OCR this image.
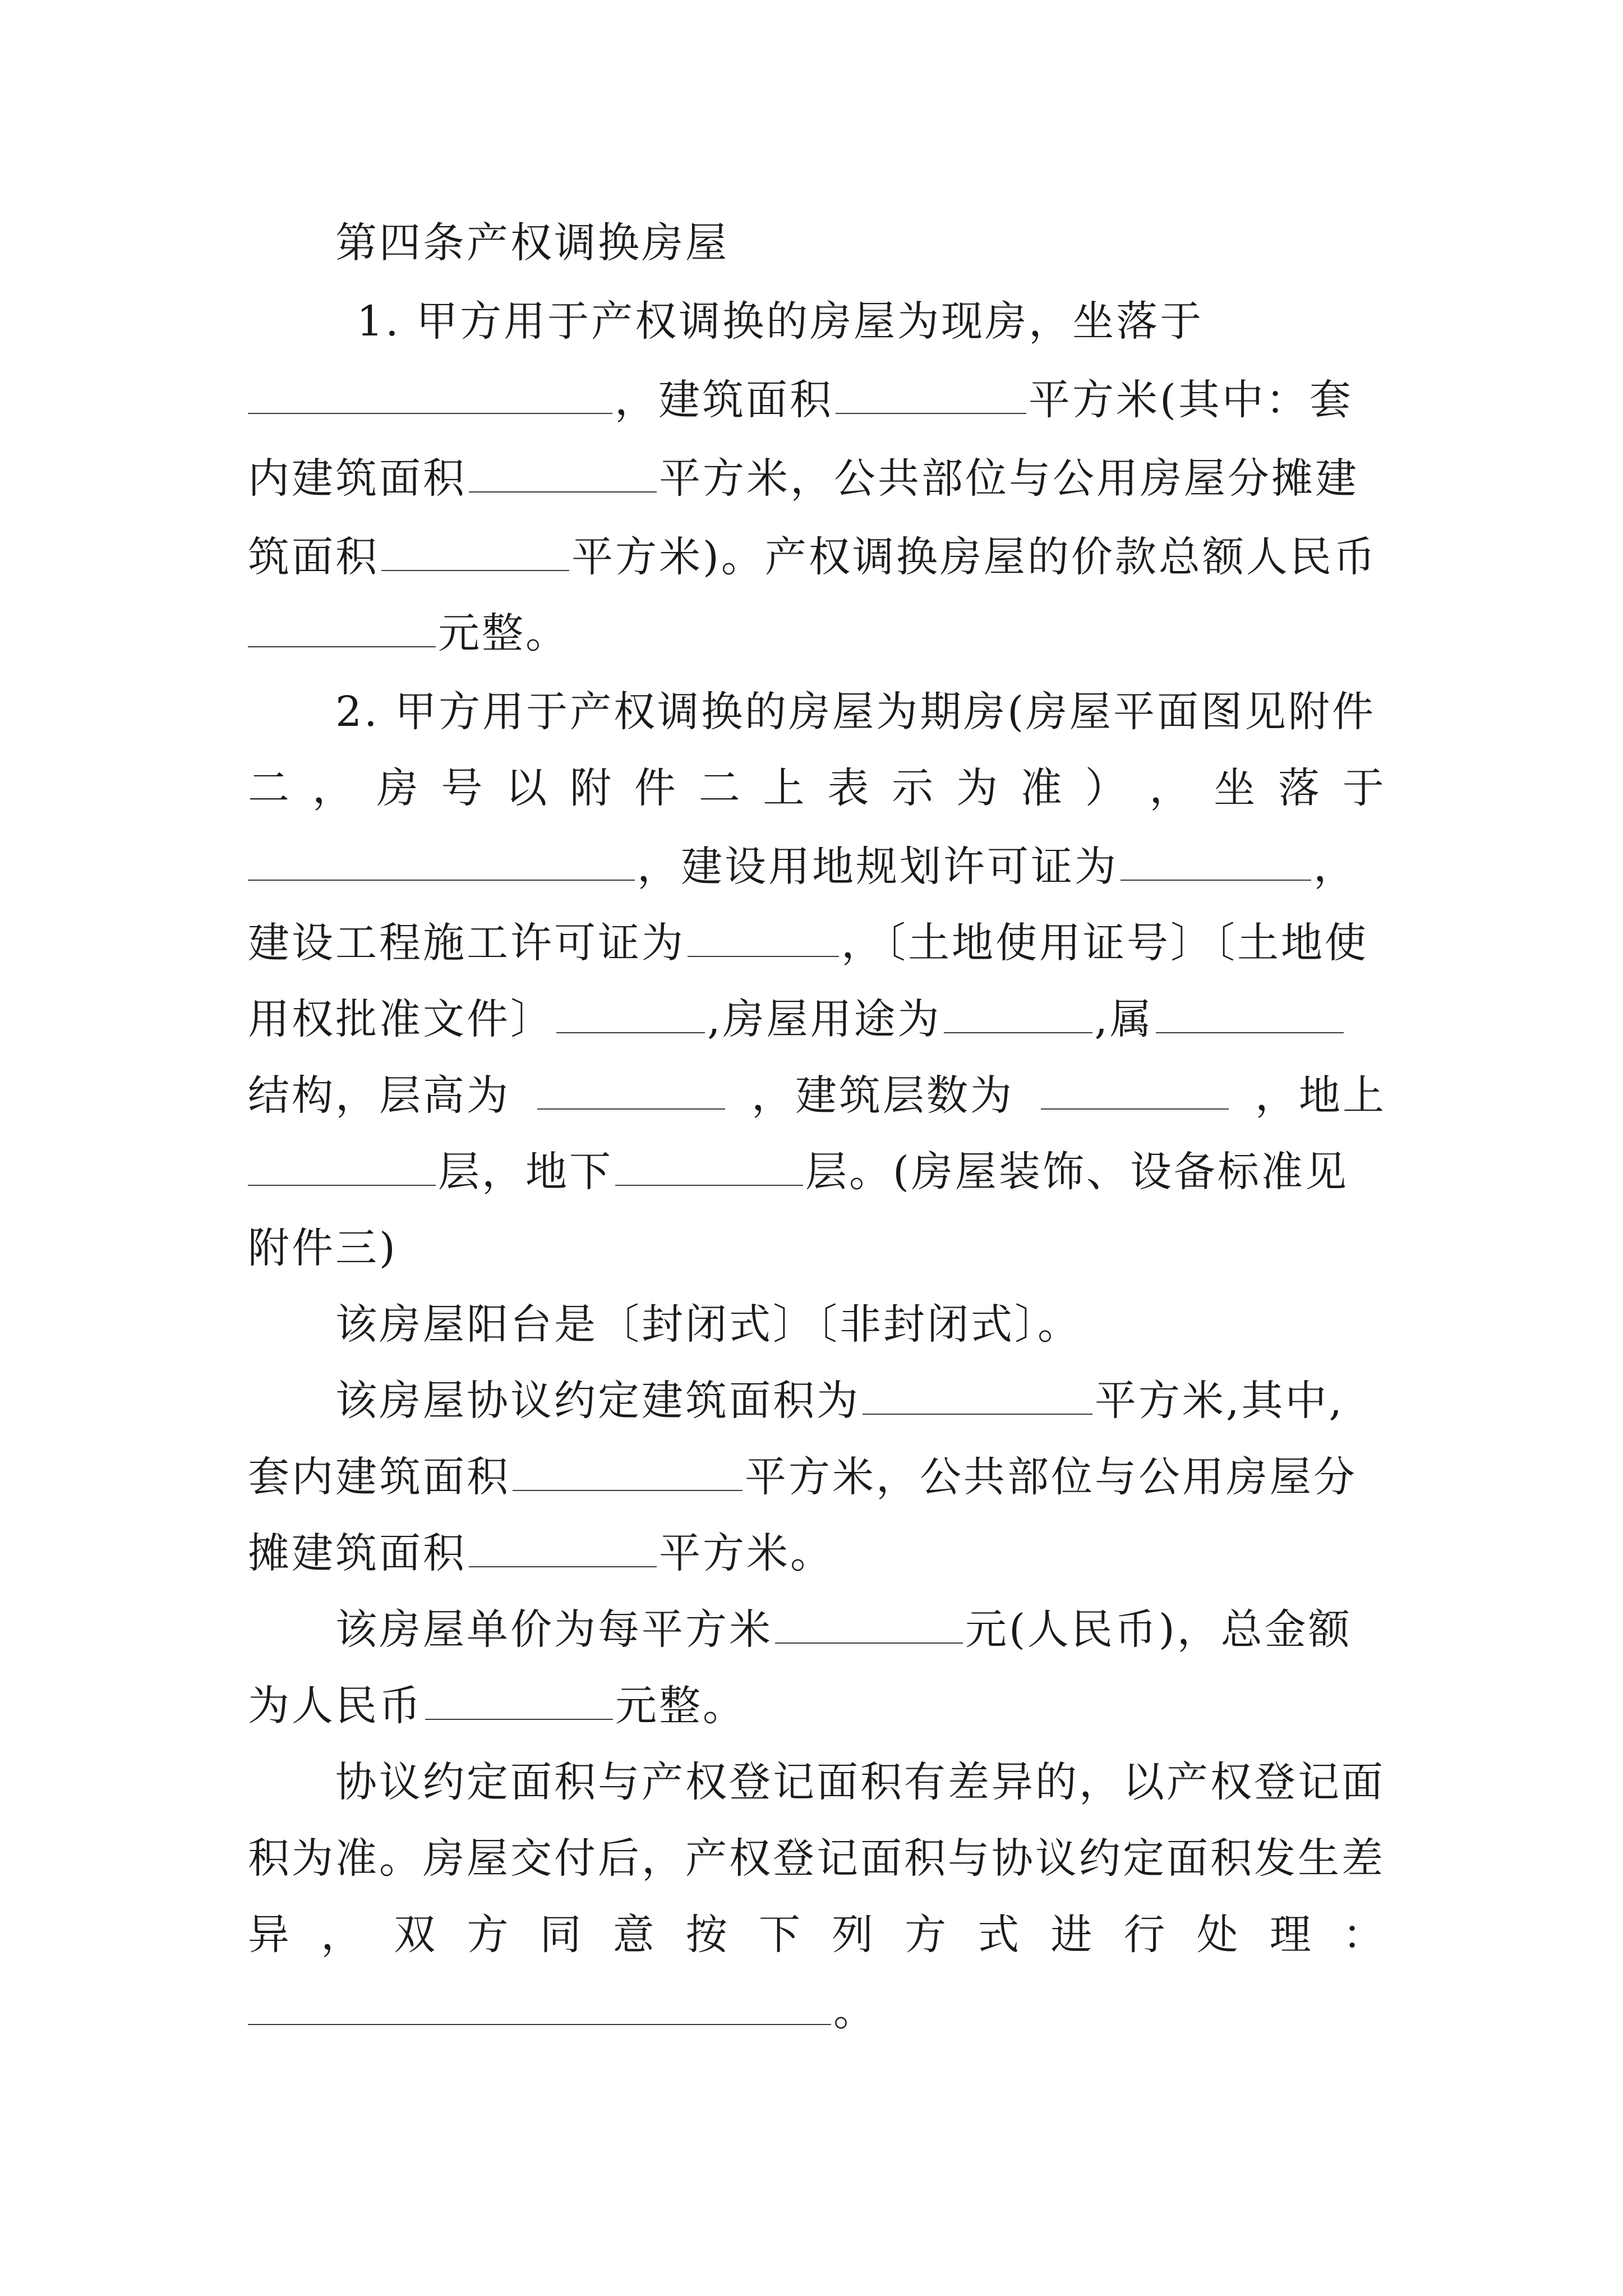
第四条产权调换房屋
1. 甲方用于产权调换的房屋为现房，坐落于
，建筑面积	平方米(其中：套
内建筑面积	平方米，公共部位与公用房屋分摊建
筑面积	平方米)。产权调换房屋的价款总额人民币
元整。
2. 甲方用于产权调换的房屋为期房(房屋平面图见附件
二 ， 房 号 以 附 件 二 上 表 示 为 准 ） ， 坐 落 于
，建设用地规划许可证为	，
建设工程施工许可证为	，〔土地使用证号〕〔土地使
用权批准文件〕	,房屋用途为	,属
结构，层高为	，建筑层数为	，地上
层，地下	层。(房屋装饰、设备标准见
附件三)
该房屋阳台是〔封闭式〕〔非封闭式〕。
该房屋协议约定建筑面积为	平方米,其中,
套内建筑面积	平方米，公共部位与公用房屋分
摊建筑面积	平方米。
该房屋单价为每平方米	元(人民币)，总金额
为人民币	元整。
协议约定面积与产权登记面积有差异的，以产权登记面
积为准。房屋交付后，产权登记面积与协议约定面积发生差
异 ， 双 方 同 意 按 下 列 方 式 进 行 处 理 ：
。
